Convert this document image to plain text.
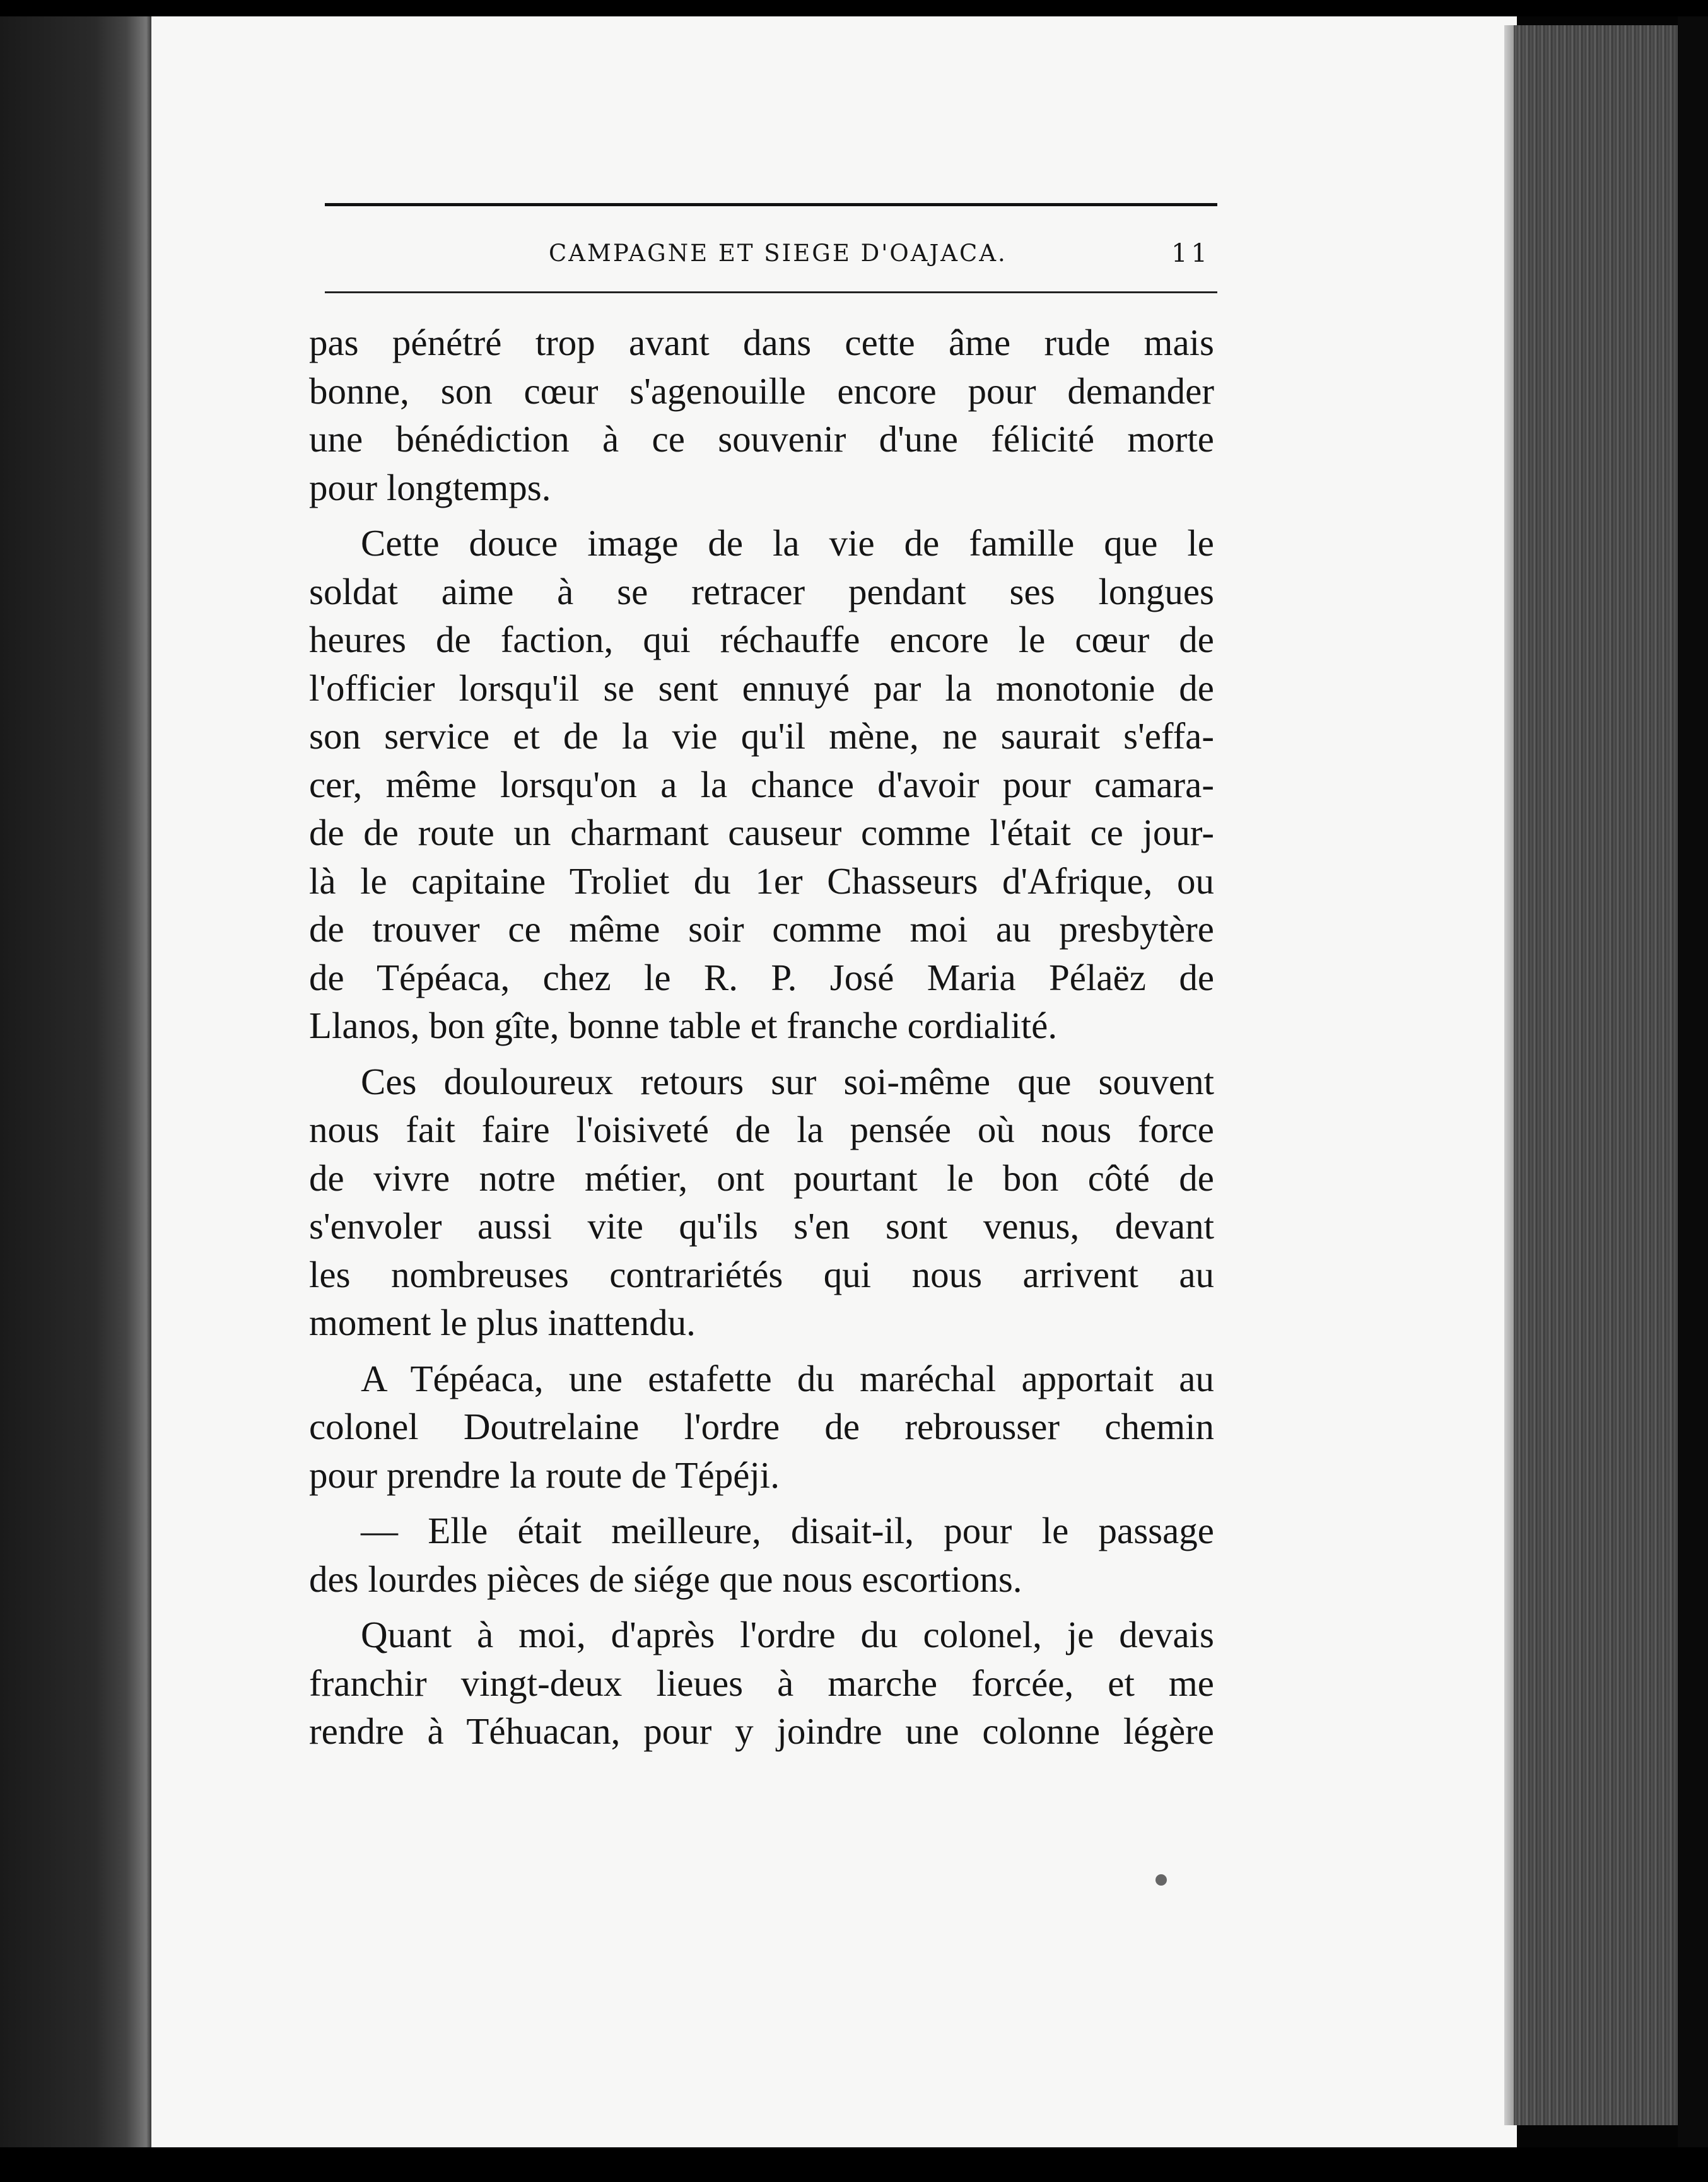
CAMPAGNE ET SIEGE D'OAJACA.	11

pas pénétré trop avant dans cette âme rude mais
bonne, son cœur s'agenouille encore pour demander
une bénédiction à ce souvenir d'une félicité morte
pour longtemps.

Cette douce image de la vie de famille que le
soldat aime à se retracer pendant ses longues
heures de faction, qui réchauffe encore le cœur de
l'officier lorsqu'il se sent ennuyé par la monotonie de
son service et de la vie qu'il mène, ne saurait s'effa-
cer, même lorsqu'on a la chance d'avoir pour camara-
de de route un charmant causeur comme l'était ce jour-
là le capitaine Troliet du 1er Chasseurs d'Afrique, ou
de trouver ce même soir comme moi au presbytère
de Tépéaca, chez le R. P. José Maria Pélaëz de
Llanos, bon gîte, bonne table et franche cordialité.

Ces douloureux retours sur soi-même que souvent
nous fait faire l'oisiveté de la pensée où nous force
de vivre notre métier, ont pourtant le bon côté de
s'envoler aussi vite qu'ils s'en sont venus, devant
les nombreuses contrariétés qui nous arrivent au
moment le plus inattendu.

A Tépéaca, une estafette du maréchal apportait au
colonel Doutrelaine l'ordre de rebrousser chemin
pour prendre la route de Tépéji.

— Elle était meilleure, disait-il, pour le passage
des lourdes pièces de siége que nous escortions.

Quant à moi, d'après l'ordre du colonel, je devais
franchir vingt-deux lieues à marche forcée, et me
rendre à Téhuacan, pour y joindre une colonne légère
